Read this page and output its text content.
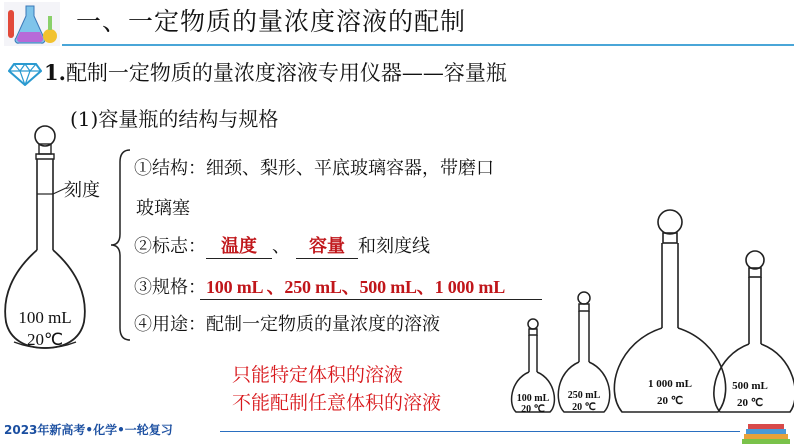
一、一定物质的量浓度溶液的配制
1.配制一定物质的量浓度溶液专用仪器——容量瓶
(1)容量瓶的结构与规格
刻度
100 mL
20℃
①结构：细颈、梨形、平底玻璃容器，带磨口
玻璃塞
②标志： 温度 、 容量 和刻度线
③规格：100 mL 、250 mL、500 mL、1 000 mL
④用途：配制一定物质的量浓度的溶液
只能特定体积的溶液
不能配制任意体积的溶液	100 mL
20 ℃
250 mL
20 ℃
1 000 mL
20 ℃
500 mL
20 ℃
2023年新高考•化学•一轮复习
